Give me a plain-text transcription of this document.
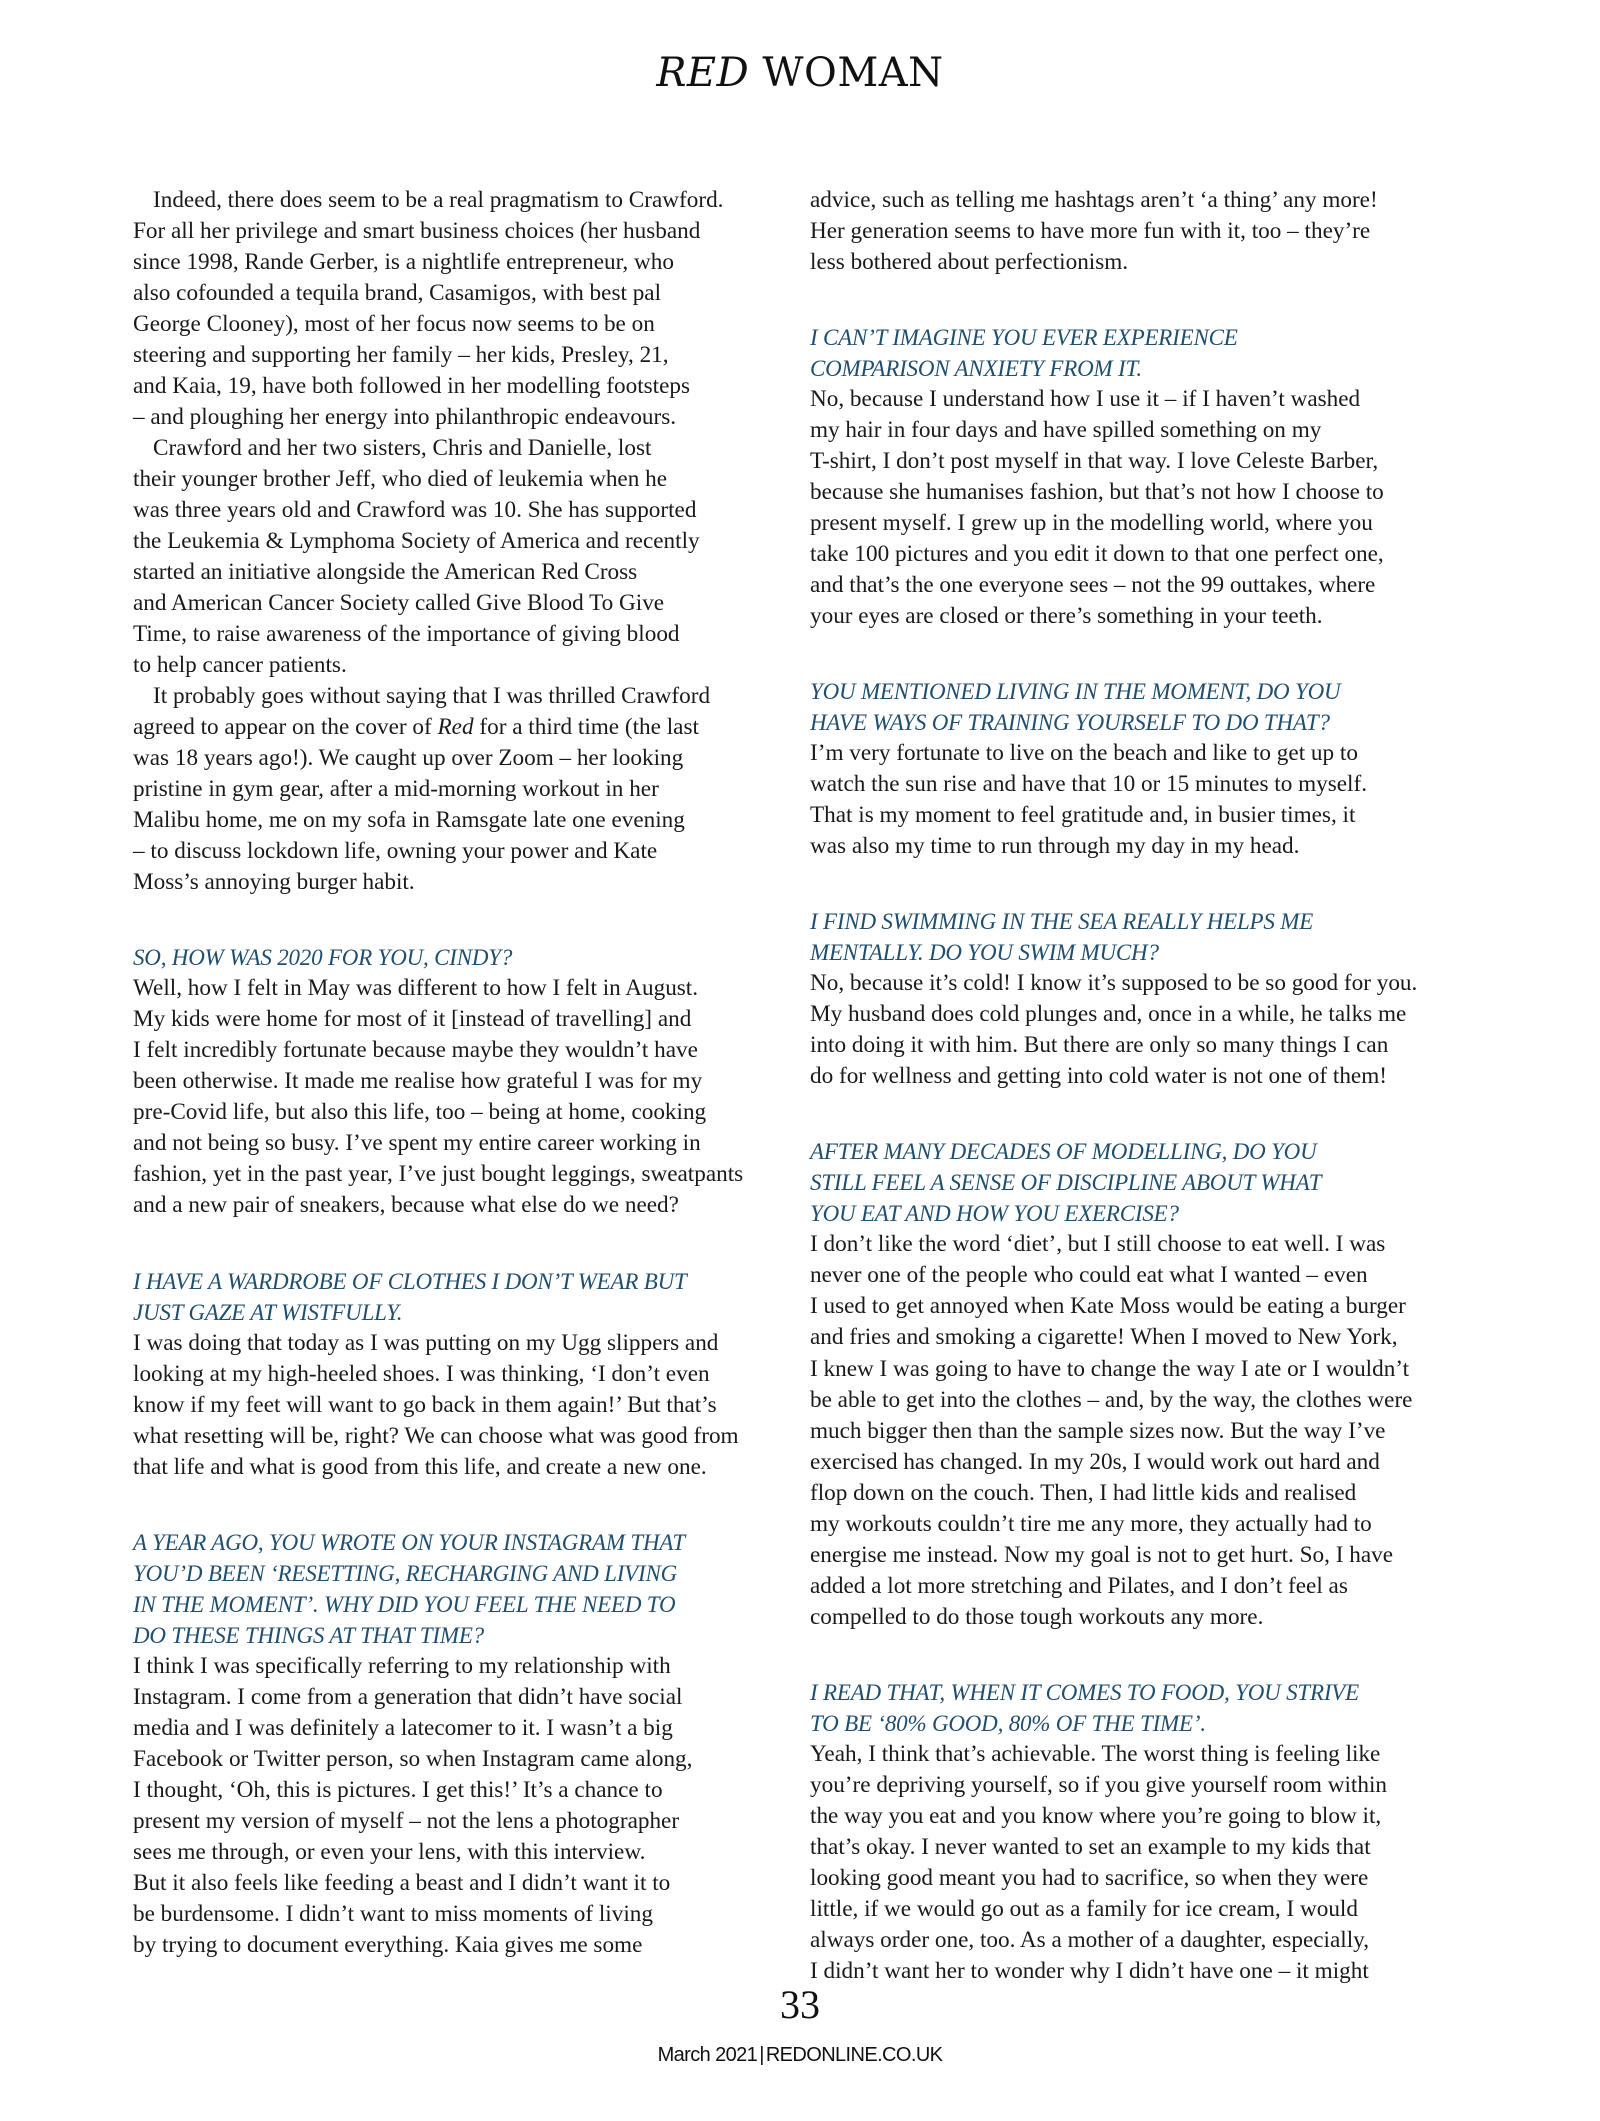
RED WOMAN

Indeed, there does seem to be a real pragmatism to Crawford.
For all her privilege and smart business choices (her husband
since 1998, Rande Gerber, is a nightlife entrepreneur, who
also cofounded a tequila brand, Casamigos, with best pal
George Clooney), most of her focus now seems to be on
steering and supporting her family – her kids, Presley, 21,
and Kaia, 19, have both followed in her modelling footsteps
– and ploughing her energy into philanthropic endeavours.

Crawford and her two sisters, Chris and Danielle, lost
their younger brother Jeff, who died of leukemia when he
was three years old and Crawford was 10. She has supported
the Leukemia & Lymphoma Society of America and recently
started an initiative alongside the American Red Cross
and American Cancer Society called Give Blood To Give
Time, to raise awareness of the importance of giving blood
to help cancer patients.

It probably goes without saying that I was thrilled Crawford
agreed to appear on the cover of Red for a third time (the last
was 18 years ago!). We caught up over Zoom – her looking
pristine in gym gear, after a mid-morning workout in her
Malibu home, me on my sofa in Ramsgate late one evening
– to discuss lockdown life, owning your power and Kate
Moss’s annoying burger habit.

SO, HOW WAS 2020 FOR YOU, CINDY?
Well, how I felt in May was different to how I felt in August.
My kids were home for most of it [instead of travelling] and
I felt incredibly fortunate because maybe they wouldn’t have
been otherwise. It made me realise how grateful I was for my
pre-Covid life, but also this life, too – being at home, cooking
and not being so busy. I’ve spent my entire career working in
fashion, yet in the past year, I’ve just bought leggings, sweatpants
and a new pair of sneakers, because what else do we need?
I HAVE A WARDROBE OF CLOTHES I DON’T WEAR BUT
JUST GAZE AT WISTFULLY.
I was doing that today as I was putting on my Ugg slippers and
looking at my high-heeled shoes. I was thinking, ‘I don’t even
know if my feet will want to go back in them again!’ But that’s
what resetting will be, right? We can choose what was good from
that life and what is good from this life, and create a new one.
A YEAR AGO, YOU WROTE ON YOUR INSTAGRAM THAT
YOU’D BEEN ‘RESETTING, RECHARGING AND LIVING
IN THE MOMENT’. WHY DID YOU FEEL THE NEED TO
DO THESE THINGS AT THAT TIME?
I think I was specifically referring to my relationship with
Instagram. I come from a generation that didn’t have social
media and I was definitely a latecomer to it. I wasn’t a big
Facebook or Twitter person, so when Instagram came along,
I thought, ‘Oh, this is pictures. I get this!’ It’s a chance to
present my version of myself – not the lens a photographer
sees me through, or even your lens, with this interview.
But it also feels like feeding a beast and I didn’t want it to
be burdensome. I didn’t want to miss moments of living
by trying to document everything. Kaia gives me some

advice, such as telling me hashtags aren’t ‘a thing’ any more!
Her generation seems to have more fun with it, too – they’re
less bothered about perfectionism.

I CAN’T IMAGINE YOU EVER EXPERIENCE
COMPARISON ANXIETY FROM IT.
No, because I understand how I use it – if I haven’t washed
my hair in four days and have spilled something on my
T-shirt, I don’t post myself in that way. I love Celeste Barber,
because she humanises fashion, but that’s not how I choose to
present myself. I grew up in the modelling world, where you
take 100 pictures and you edit it down to that one perfect one,
and that’s the one everyone sees – not the 99 outtakes, where
your eyes are closed or there’s something in your teeth.
YOU MENTIONED LIVING IN THE MOMENT, DO YOU
HAVE WAYS OF TRAINING YOURSELF TO DO THAT?
I’m very fortunate to live on the beach and like to get up to
watch the sun rise and have that 10 or 15 minutes to myself.
That is my moment to feel gratitude and, in busier times, it
was also my time to run through my day in my head.
I FIND SWIMMING IN THE SEA REALLY HELPS ME
MENTALLY. DO YOU SWIM MUCH?
No, because it’s cold! I know it’s supposed to be so good for you.
My husband does cold plunges and, once in a while, he talks me
into doing it with him. But there are only so many things I can
do for wellness and getting into cold water is not one of them!
AFTER MANY DECADES OF MODELLING, DO YOU
STILL FEEL A SENSE OF DISCIPLINE ABOUT WHAT
YOU EAT AND HOW YOU EXERCISE?
I don’t like the word ‘diet’, but I still choose to eat well. I was
never one of the people who could eat what I wanted – even
I used to get annoyed when Kate Moss would be eating a burger
and fries and smoking a cigarette! When I moved to New York,
I knew I was going to have to change the way I ate or I wouldn’t
be able to get into the clothes – and, by the way, the clothes were
much bigger then than the sample sizes now. But the way I’ve
exercised has changed. In my 20s, I would work out hard and
flop down on the couch. Then, I had little kids and realised
my workouts couldn’t tire me any more, they actually had to
energise me instead. Now my goal is not to get hurt. So, I have
added a lot more stretching and Pilates, and I don’t feel as
compelled to do those tough workouts any more.
I READ THAT, WHEN IT COMES TO FOOD, YOU STRIVE
TO BE ‘80% GOOD, 80% OF THE TIME’.
Yeah, I think that’s achievable. The worst thing is feeling like
you’re depriving yourself, so if you give yourself room within
the way you eat and you know where you’re going to blow it,
that’s okay. I never wanted to set an example to my kids that
looking good meant you had to sacrifice, so when they were
little, if we would go out as a family for ice cream, I would
always order one, too. As a mother of a daughter, especially,
I didn’t want her to wonder why I didn’t have one – it might
33
March 2021 | REDONLINE.CO.UK
